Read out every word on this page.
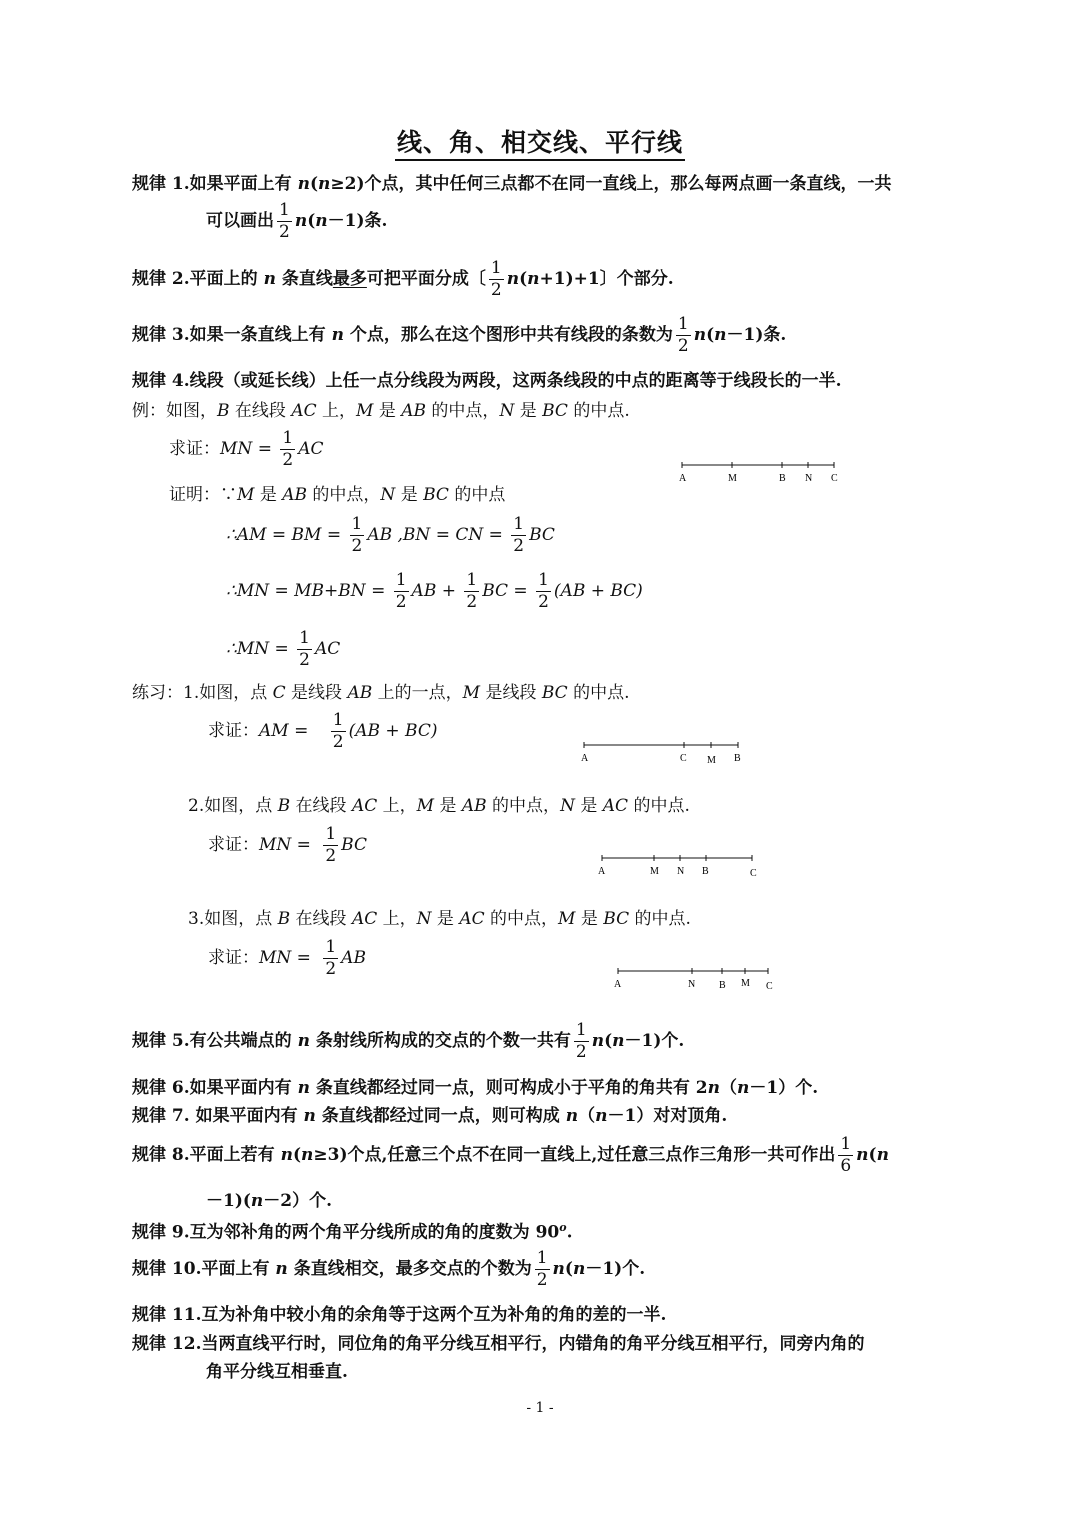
线、角、相交线、平行线
规律 1.如果平面上有 n(n≥2)个点，其中任何三点都不在同一直线上，那么每两点画一条直线，一共
可以画出 $\frac{1}{2} n(n-1)$条.
规律 2.平面上的 n 条直线最多可把平面分成〔 $\frac{1}{2} n(n+1)+1$〕个部分.
规律 3.如果一条直线上有 n 个点，那么在这个图形中共有线段的条数为 $\frac{1}{2} n(n-1)$条.
规律 4.线段（或延长线）上任一点分线段为两段，这两条线段的中点的距离等于线段长的一半.
例：如图，B 在线段 AC 上，M 是 AB 的中点，N 是 BC 的中点.
求证：MN = $\frac{1}{2}$ AC
A	M	B N C
证明：∵M 是 AB 的中点，N 是 BC 的中点
∴AM = BM = $\frac{1}{2}$ AB ,BN = CN = $\frac{1}{2}$ BC
∴MN = $MB+BN = \frac{1}{2}$ AB + $\frac{1}{2}$ BC = $\frac{1}{2} (AB + BC)$
∴MN = $\frac{1}{2}$ AC
练习：1.如图，点 C 是线段 AB 上的一点，M 是线段 BC 的中点.
求证：AM = $\frac{1}{2} (AB + BC)$
A	C M B
2.如图，点 B 在线段 AC 上，M 是 AB 的中点，N 是 AC 的中点.
求证：MN = $\frac{1}{2}$ BC
A	M N B	C
3.如图，点 B 在线段 AC 上，N 是 AC 的中点，M 是 BC 的中点.
求证：MN = $\frac{1}{2}$ AB
A	N B M C
规律 5.有公共端点的 n 条射线所构成的交点的个数一共有 $\frac{1}{2} n(n-1)$个.
规律 6.如果平面内有 n 条直线都经过同一点，则可构成小于平角的角共有 2n（n－1）个.
规律 7. 如果平面内有 n 条直线都经过同一点，则可构成 n（n－1）对对顶角.
规律 8.平面上若有 n(n≥3)个点,任意三个点不在同一直线上,过任意三点作三角形一共可作出 $\frac{1}{6} n(n$
－1)(n－2）个.
规律 9.互为邻补角的两个角平分线所成的角的度数为 90$^o$.
规律 10.平面上有 n 条直线相交，最多交点的个数为 $\frac{1}{2} n(n-1)$个.
规律 11.互为补角中较小角的余角等于这两个互为补角的角的差的一半.
规律 12.当两直线平行时，同位角的角平分线互相平行，内错角的角平分线互相平行，同旁内角的
角平分线互相垂直.
- 1 -
